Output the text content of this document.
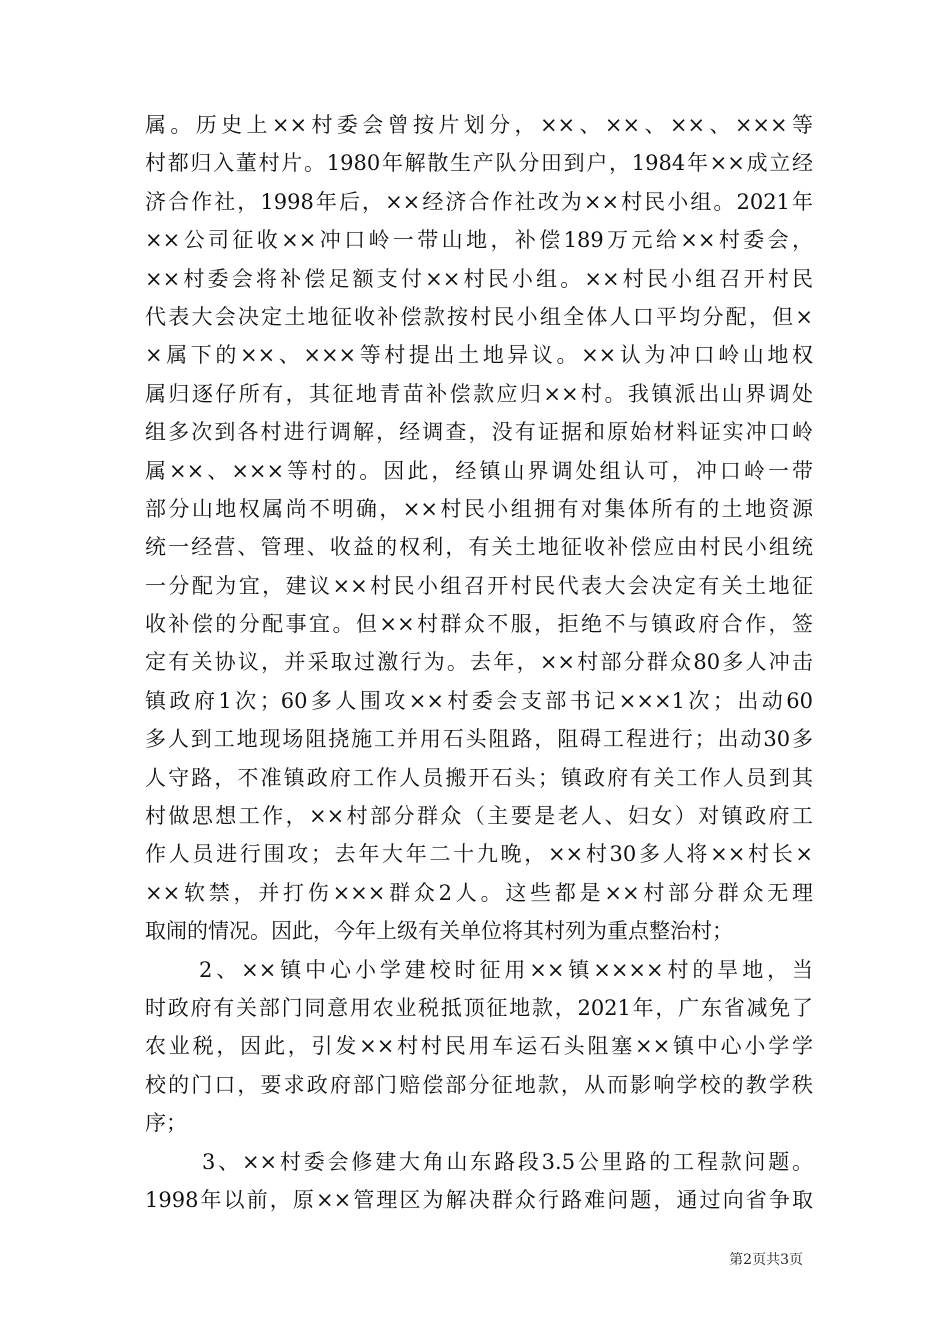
属。历史上××村委会曾按片划分，××、××、××、×××等
村都归入董村片。1980年解散生产队分田到户，1984年××成立经
济合作社，1998年后，××经济合作社改为××村民小组。2021年
××公司征收××冲口岭一带山地，补偿189万元给××村委会，
××村委会将补偿足额支付××村民小组。××村民小组召开村民
代表大会决定土地征收补偿款按村民小组全体人口平均分配，但×
×属下的××、×××等村提出土地异议。××认为冲口岭山地权
属归逐仔所有，其征地青苗补偿款应归××村。我镇派出山界调处
组多次到各村进行调解，经调查，没有证据和原始材料证实冲口岭
属××、×××等村的。因此，经镇山界调处组认可，冲口岭一带
部分山地权属尚不明确，××村民小组拥有对集体所有的土地资源
统一经营、管理、收益的权利，有关土地征收补偿应由村民小组统
一分配为宜，建议××村民小组召开村民代表大会决定有关土地征
收补偿的分配事宜。但××村群众不服，拒绝不与镇政府合作，签
定有关协议，并采取过激行为。去年，××村部分群众80多人冲击
镇政府1次；60多人围攻××村委会支部书记×××1次；出动60
多人到工地现场阻挠施工并用石头阻路，阻碍工程进行；出动30多
人守路，不准镇政府工作人员搬开石头；镇政府有关工作人员到其
村做思想工作，××村部分群众（主要是老人、妇女）对镇政府工
作人员进行围攻；去年大年二十九晚，××村30多人将××村长×
××软禁，并打伤×××群众2人。这些都是××村部分群众无理
取闹的情况。因此，今年上级有关单位将其村列为重点整治村；
2、××镇中心小学建校时征用××镇××××村的旱地，当
时政府有关部门同意用农业税抵顶征地款，2021年，广东省减免了
农业税，因此，引发××村村民用车运石头阻塞××镇中心小学学
校的门口，要求政府部门赔偿部分征地款，从而影响学校的教学秩
序；
3、××村委会修建大角山东路段3.5公里路的工程款问题。
1998年以前，原××管理区为解决群众行路难问题，通过向省争取
第2页共3页
